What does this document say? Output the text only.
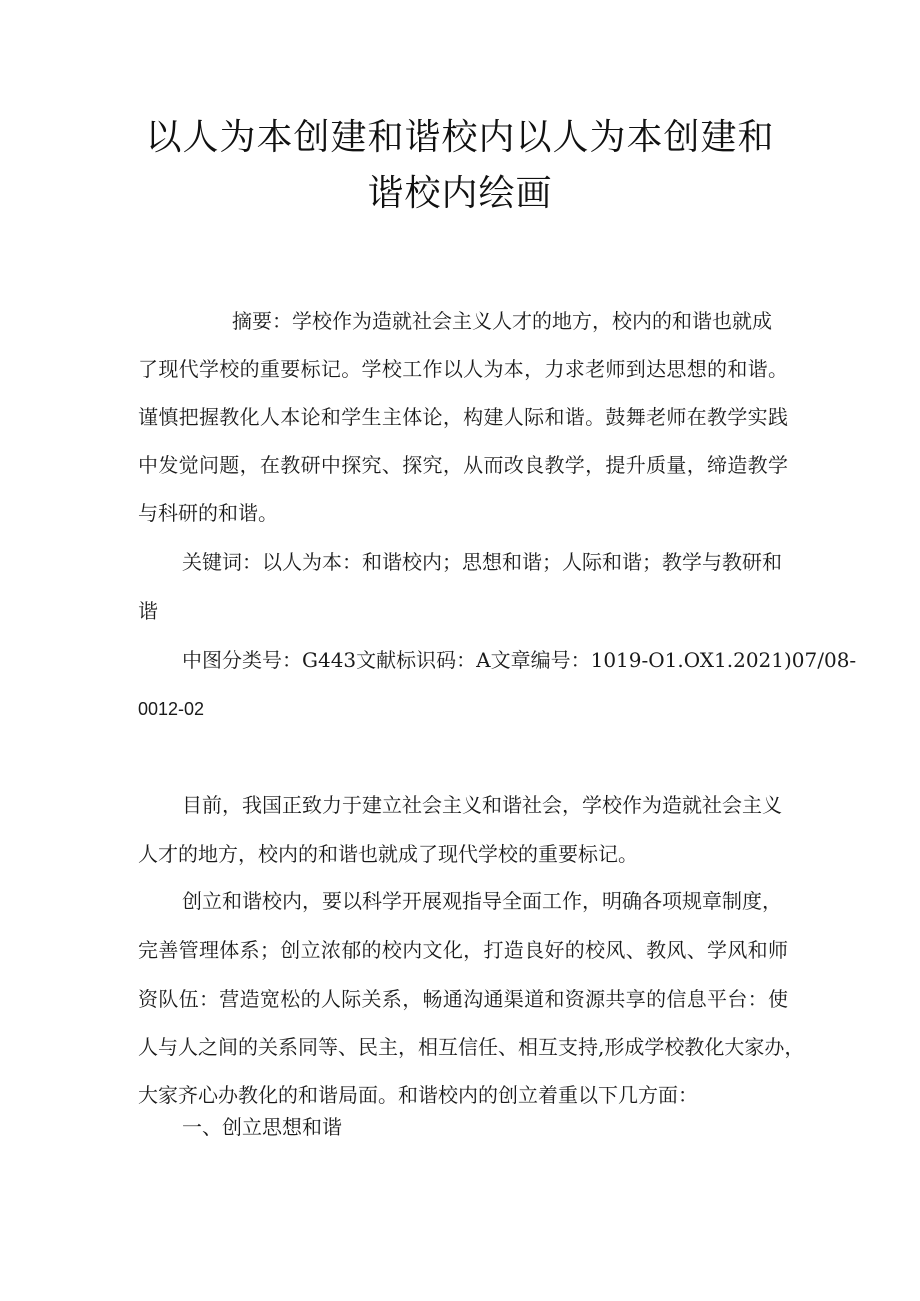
以人为本创建和谐校内以人为本创建和
谐校内绘画
摘要：学校作为造就社会主义人才的地方，校内的和谐也就成
了现代学校的重要标记。学校工作以人为本，力求老师到达思想的和谐。
谨慎把握教化人本论和学生主体论，构建人际和谐。鼓舞老师在教学实践
中发觉问题，在教研中探究、探究，从而改良教学，提升质量，缔造教学
与科研的和谐。
关键词：以人为本：和谐校内；思想和谐；人际和谐；教学与教研和
谐
中图分类号：G443文献标识码：A文章编号：1019-O1.OX1.2021)07/08-
0012-02
目前，我国正致力于建立社会主义和谐社会，学校作为造就社会主义
人才的地方，校内的和谐也就成了现代学校的重要标记。
创立和谐校内，要以科学开展观指导全面工作，明确各项规章制度，
完善管理体系；创立浓郁的校内文化，打造良好的校风、教风、学风和师
资队伍：营造宽松的人际关系，畅通沟通渠道和资源共享的信息平台：使
人与人之间的关系同等、民主，相互信任、相互支持,形成学校教化大家办，
大家齐心办教化的和谐局面。和谐校内的创立着重以下几方面：
一、创立思想和谐
